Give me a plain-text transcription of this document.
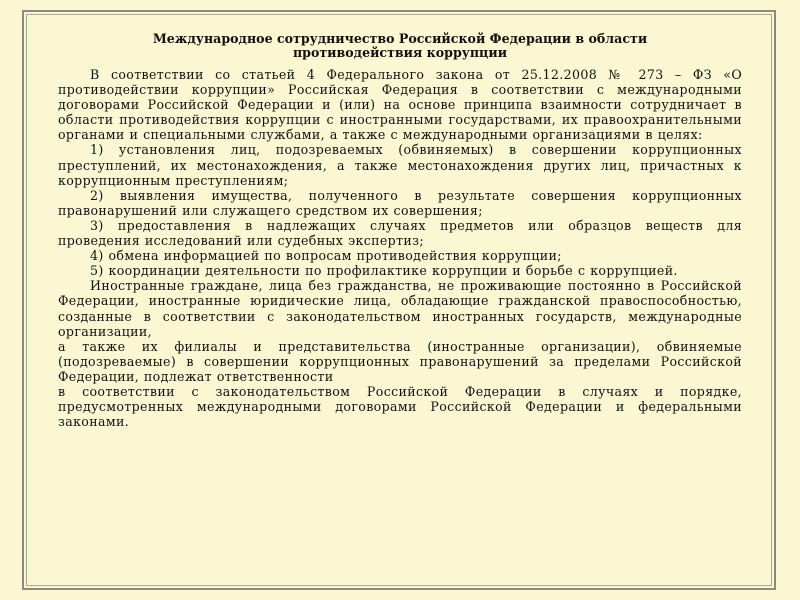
Международное сотрудничество Российской Федерации в области
противодействия коррупции

В соответствии со статьей 4 Федерального закона от 25.12.2008 № 273 – ФЗ «О противодействии коррупции» Российская Федерация в соответствии с международными договорами Российской Федерации и (или) на основе принципа взаимности сотрудничает в области противодействия коррупции с иностранными государствами, их правоохранительными органами и специальными службами, а также с международными организациями в целях:

1) установления лиц, подозреваемых (обвиняемых) в совершении коррупционных преступлений, их местонахождения, а также местонахождения других лиц, причастных к коррупционным преступлениям;

2) выявления имущества, полученного в результате совершения коррупционных правонарушений или служащего средством их совершения;

3) предоставления в надлежащих случаях предметов или образцов веществ для проведения исследований или судебных экспертиз;

4) обмена информацией по вопросам противодействия коррупции;

5) координации деятельности по профилактике коррупции и борьбе с коррупцией.

Иностранные граждане, лица без гражданства, не проживающие постоянно в Российской Федерации, иностранные юридические лица, обладающие гражданской правоспособностью, созданные в соответствии с законодательством иностранных государств, международные организации,

а также их филиалы и представительства (иностранные организации), обвиняемые (подозреваемые) в совершении коррупционных правонарушений за пределами Российской Федерации, подлежат ответственности

в соответствии с законодательством Российской Федерации в случаях и порядке, предусмотренных международными договорами Российской Федерации и федеральными законами.
